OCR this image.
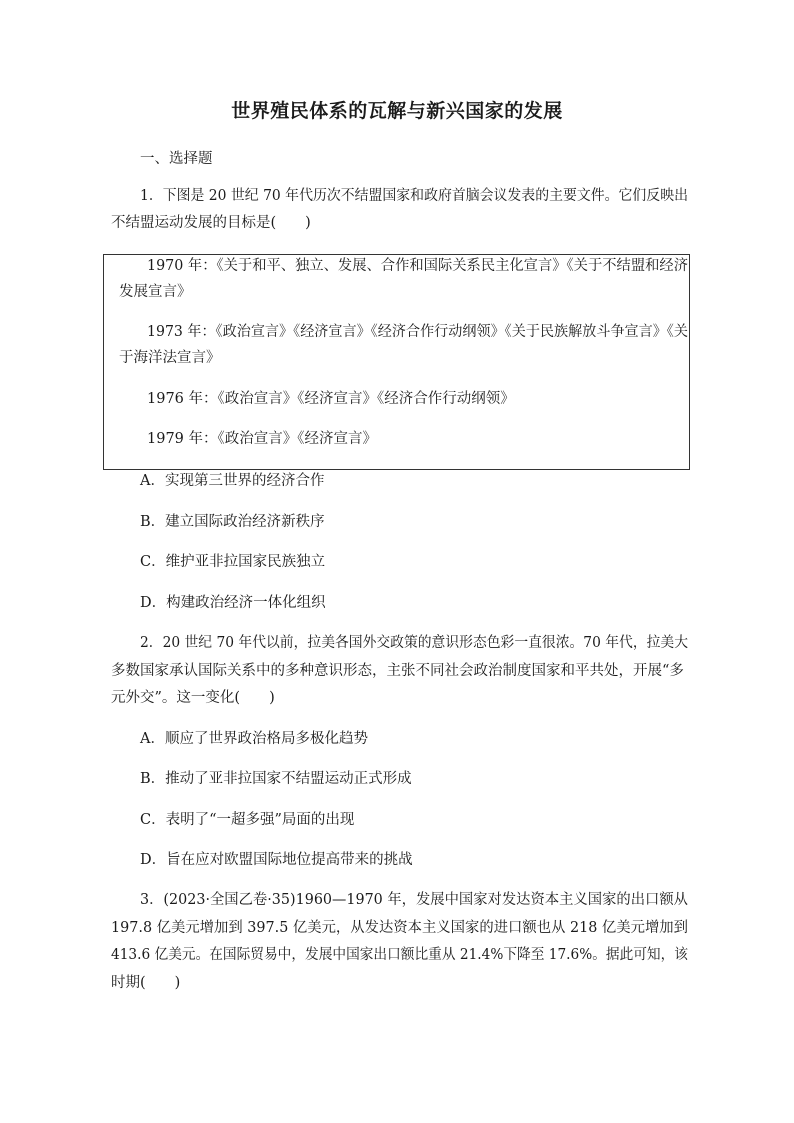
世界殖民体系的瓦解与新兴国家的发展
一、选择题
1．下图是 20 世纪 70 年代历次不结盟国家和政府首脑会议发表的主要文件。它们反映出
不结盟运动发展的目标是(　　)
1970 年：《关于和平、独立、发展、合作和国际关系民主化宣言》《关于不结盟和经济
发展宣言》
1973 年：《政治宣言》《经济宣言》《经济合作行动纲领》《关于民族解放斗争宣言》《关
于海洋法宣言》
1976 年：《政治宣言》《经济宣言》《经济合作行动纲领》
1979 年：《政治宣言》《经济宣言》
A．实现第三世界的经济合作
B．建立国际政治经济新秩序
C．维护亚非拉国家民族独立
D．构建政治经济一体化组织
2．20 世纪 70 年代以前，拉美各国外交政策的意识形态色彩一直很浓。70 年代，拉美大
多数国家承认国际关系中的多种意识形态，主张不同社会政治制度国家和平共处，开展“多
元外交”。这一变化(　　)
A．顺应了世界政治格局多极化趋势
B．推动了亚非拉国家不结盟运动正式形成
C．表明了“一超多强”局面的出现
D．旨在应对欧盟国际地位提高带来的挑战
3．(2023·全国乙卷·35)1960—1970 年，发展中国家对发达资本主义国家的出口额从
197.8 亿美元增加到 397.5 亿美元，从发达资本主义国家的进口额也从 218 亿美元增加到
413.6 亿美元。在国际贸易中，发展中国家出口额比重从 21.4%下降至 17.6%。据此可知，该
时期(　　)
